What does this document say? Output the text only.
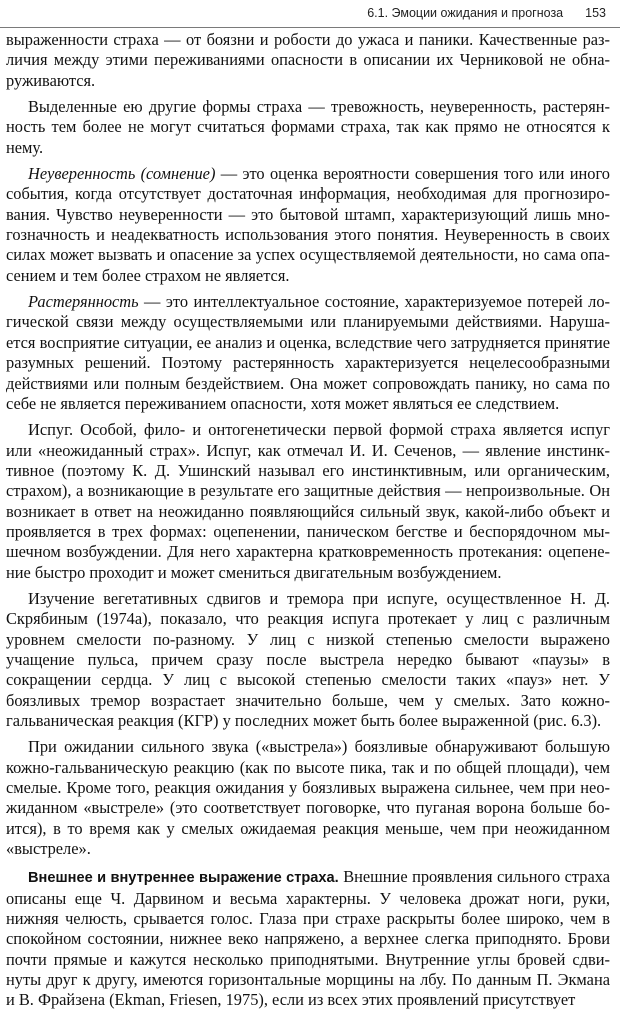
6.1. Эмоции ожидания и прогноза 153

выраженности страха — от боязни и робости до ужаса и паники. Качественные различия между этими переживаниями опасности в описании их Черниковой не обнаруживаются.

Выделенные ею другие формы страха — тревожность, неуверенность, растерянность тем более не могут считаться формами страха, так как прямо не относятся к нему.

Неуверенность (сомнение) — это оценка вероятности совершения того или иного события, когда отсутствует достаточная информация, необходимая для прогнозирования. Чувство неуверенности — это бытовой штамп, характеризующий лишь многозначность и неадекватность использования этого понятия. Неуверенность в своих силах может вызвать и опасение за успех осуществляемой деятельности, но сама опасением и тем более страхом не является.

Растерянность — это интеллектуальное состояние, характеризуемое потерей логической связи между осуществляемыми или планируемыми действиями. Нарушается восприятие ситуации, ее анализ и оценка, вследствие чего затрудняется принятие разумных решений. Поэтому растерянность характеризуется нецелесообразными действиями или полным бездействием. Она может сопровождать панику, но сама по себе не является переживанием опасности, хотя может являться ее следствием.

Испуг. Особой, фило- и онтогенетически первой формой страха является испуг или «неожиданный страх». Испуг, как отмечал И. И. Сеченов, — явление инстинктивное (поэтому К. Д. Ушинский называл его инстинктивным, или органическим, страхом), а возникающие в результате его защитные действия — непроизвольные. Он возникает в ответ на неожиданно появляющийся сильный звук, какой-либо объект и проявляется в трех формах: оцепенении, паническом бегстве и беспорядочном мышечном возбуждении. Для него характерна кратковременность протекания: оцепенение быстро проходит и может смениться двигательным возбуждением.

Изучение вегетативных сдвигов и тремора при испуге, осуществленное Н. Д. Скрябиным (1974а), показало, что реакция испуга протекает у лиц с различным уровнем смелости по-разному. У лиц с низкой степенью смелости выражено учащение пульса, причем сразу после выстрела нередко бывают «паузы» в сокращении сердца. У лиц с высокой степенью смелости таких «пауз» нет. У боязливых тремор возрастает значительно больше, чем у смелых. Зато кожно-гальваническая реакция (КГР) у последних может быть более выраженной (рис. 6.3).

При ожидании сильного звука («выстрела») боязливые обнаруживают большую кожно-гальваническую реакцию (как по высоте пика, так и по общей площади), чем смелые. Кроме того, реакция ожидания у боязливых выражена сильнее, чем при неожиданном «выстреле» (это соответствует поговорке, что пуганая ворона больше боится), в то время как у смелых ожидаемая реакция меньше, чем при неожиданном «выстреле».

Внешнее и внутреннее выражение страха. Внешние проявления сильного страха описаны еще Ч. Дарвином и весьма характерны. У человека дрожат ноги, руки, нижняя челюсть, срывается голос. Глаза при страхе раскрыты более широко, чем в спокойном состоянии, нижнее веко напряжено, а верхнее слегка приподнято. Брови почти прямые и кажутся несколько приподнятыми. Внутренние углы бровей сдвинуты друг к другу, имеются горизонтальные морщины на лбу. По данным П. Экмана и В. Фрайзена (Ekman, Friesen, 1975), если из всех этих проявлений присутствует
